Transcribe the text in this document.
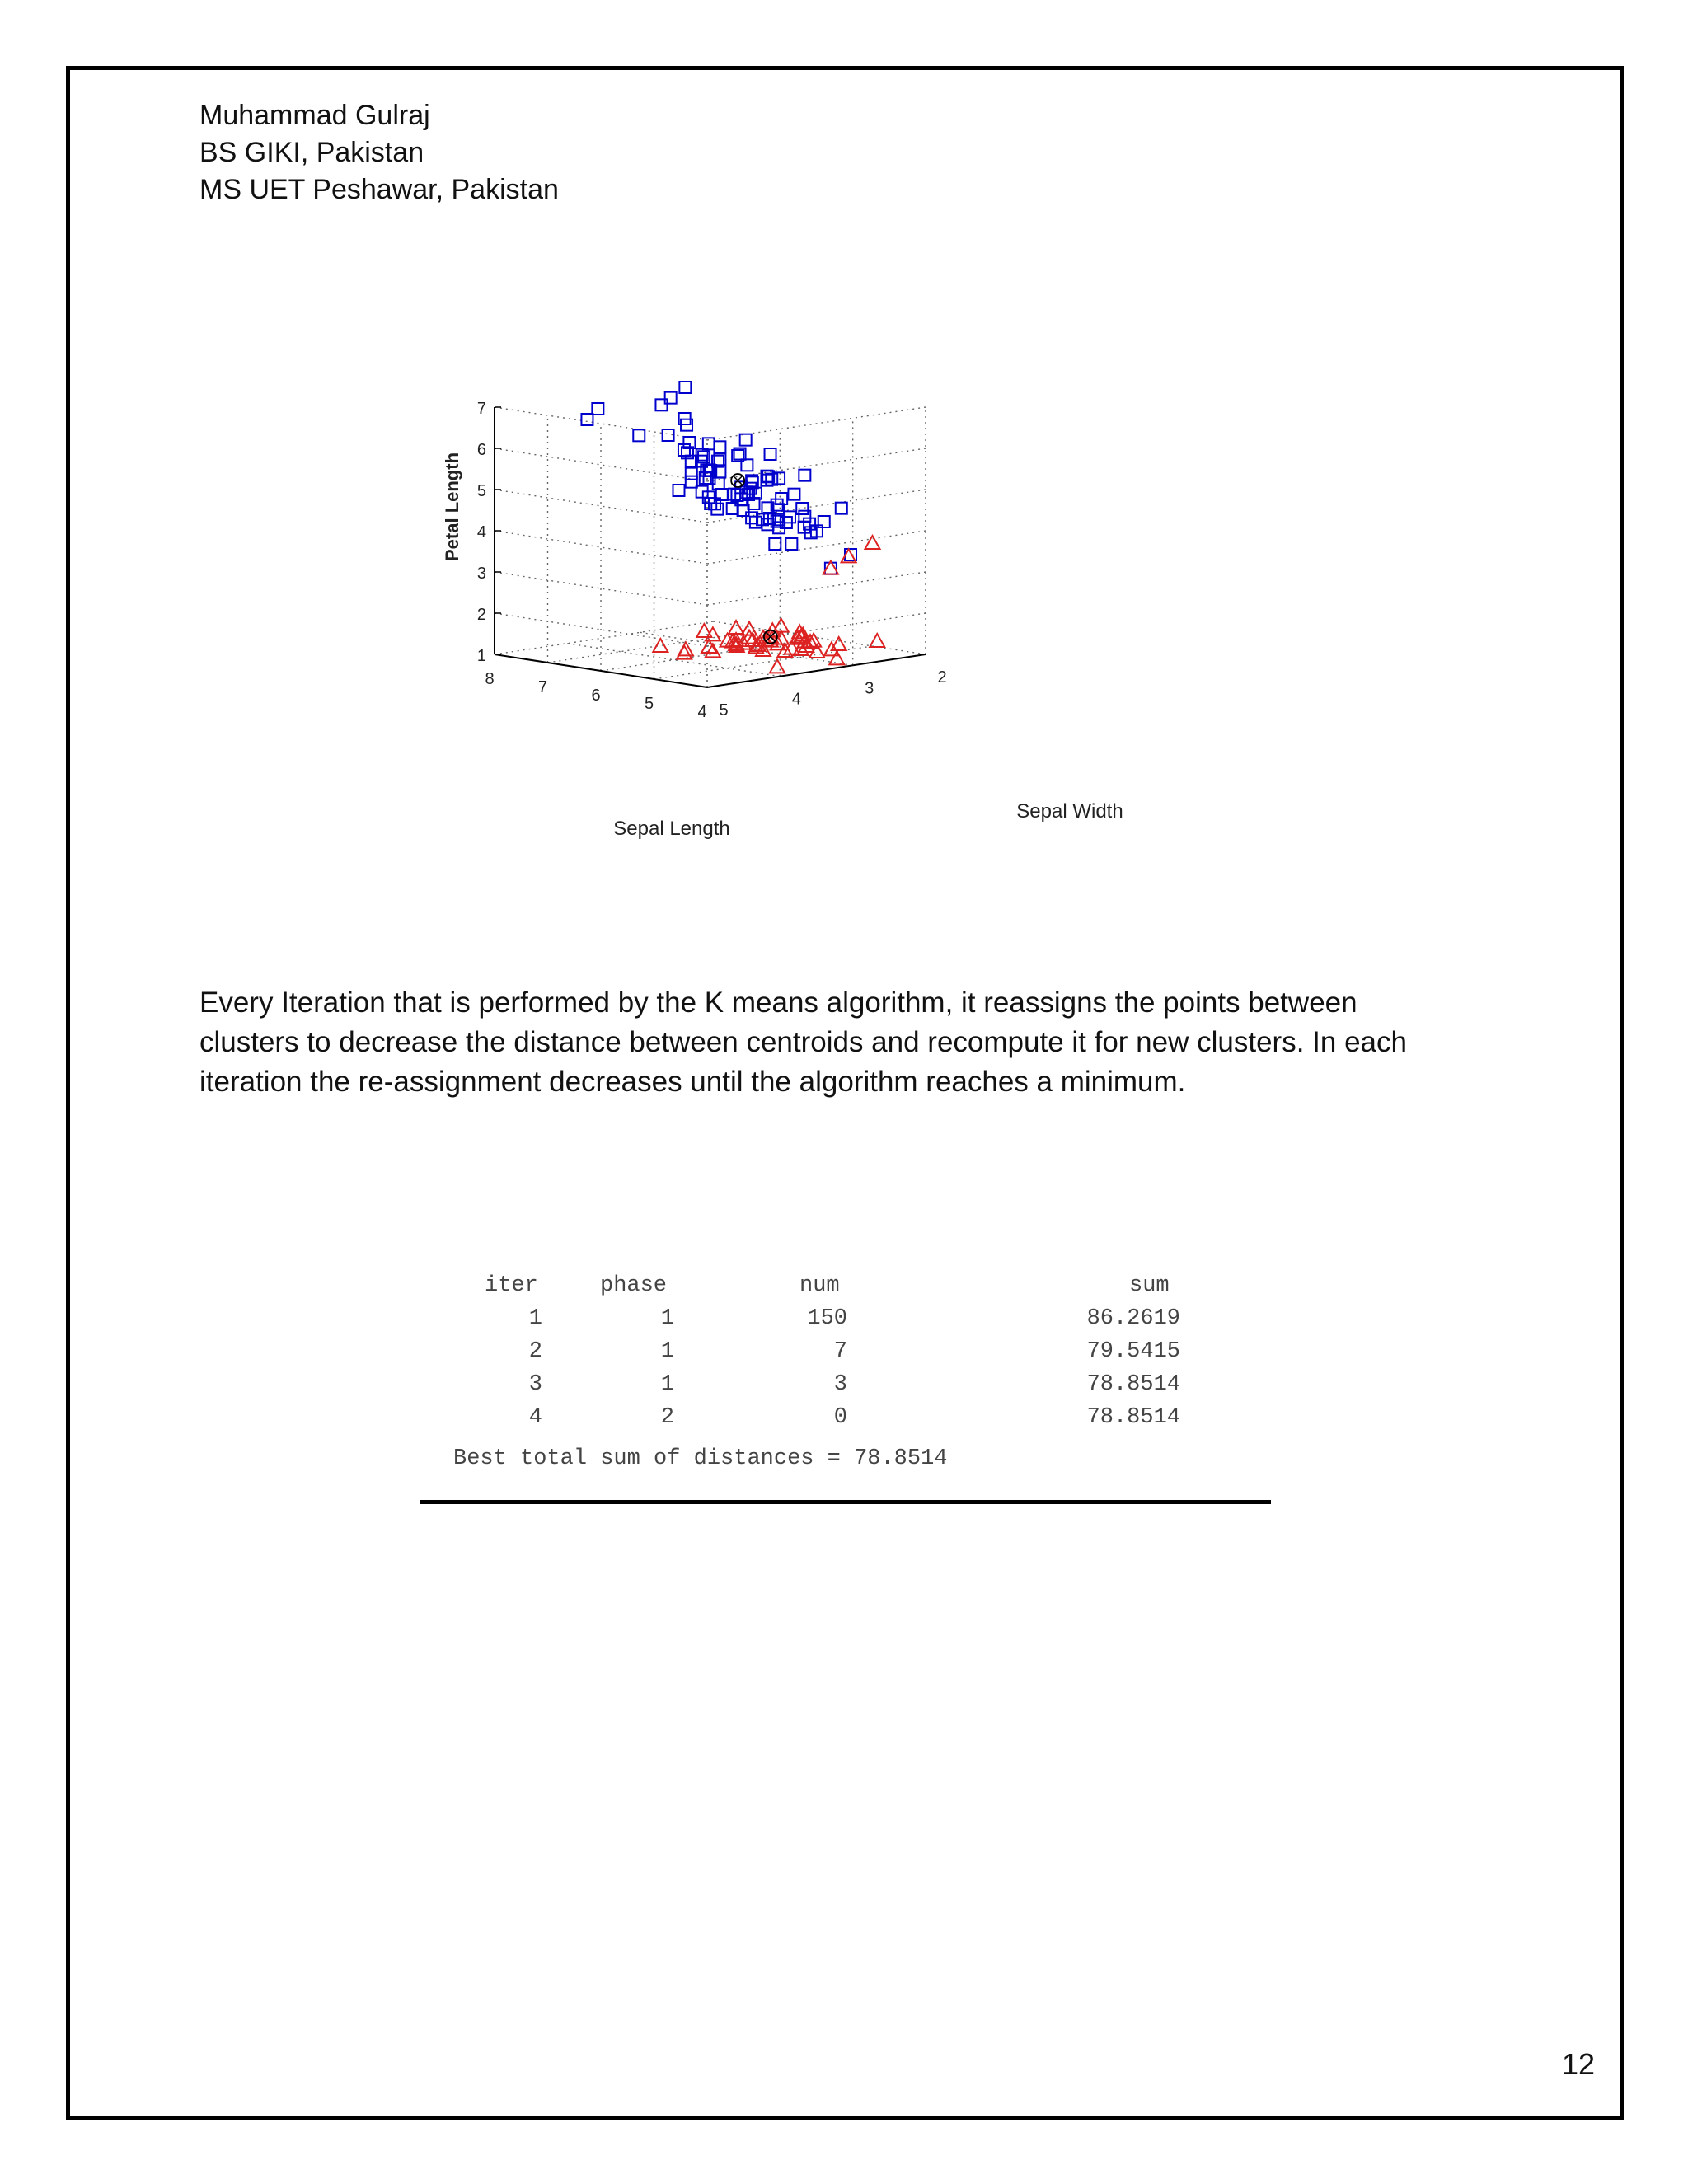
Muhammad Gulraj
BS GIKI, Pakistan
MS UET Peshawar, Pakistan
1
2
3
4
5
6
7
8	7	6	5	4 5
4
3
2
Sepal Length
Sepal Width
Petal Length
Every Iteration that is performed by the K means algorithm, it reassigns the points between
clusters to decrease the distance between centroids and recompute it for new clusters. In each
iteration the re-assignment decreases until the algorithm reaches a minimum.
iter	phase	num	sum
1	1	150	86.2619
2	1	7	79.5415
3	1	3	78.8514
4	2	0	78.8514
Best total sum of distances = 78.8514
12
